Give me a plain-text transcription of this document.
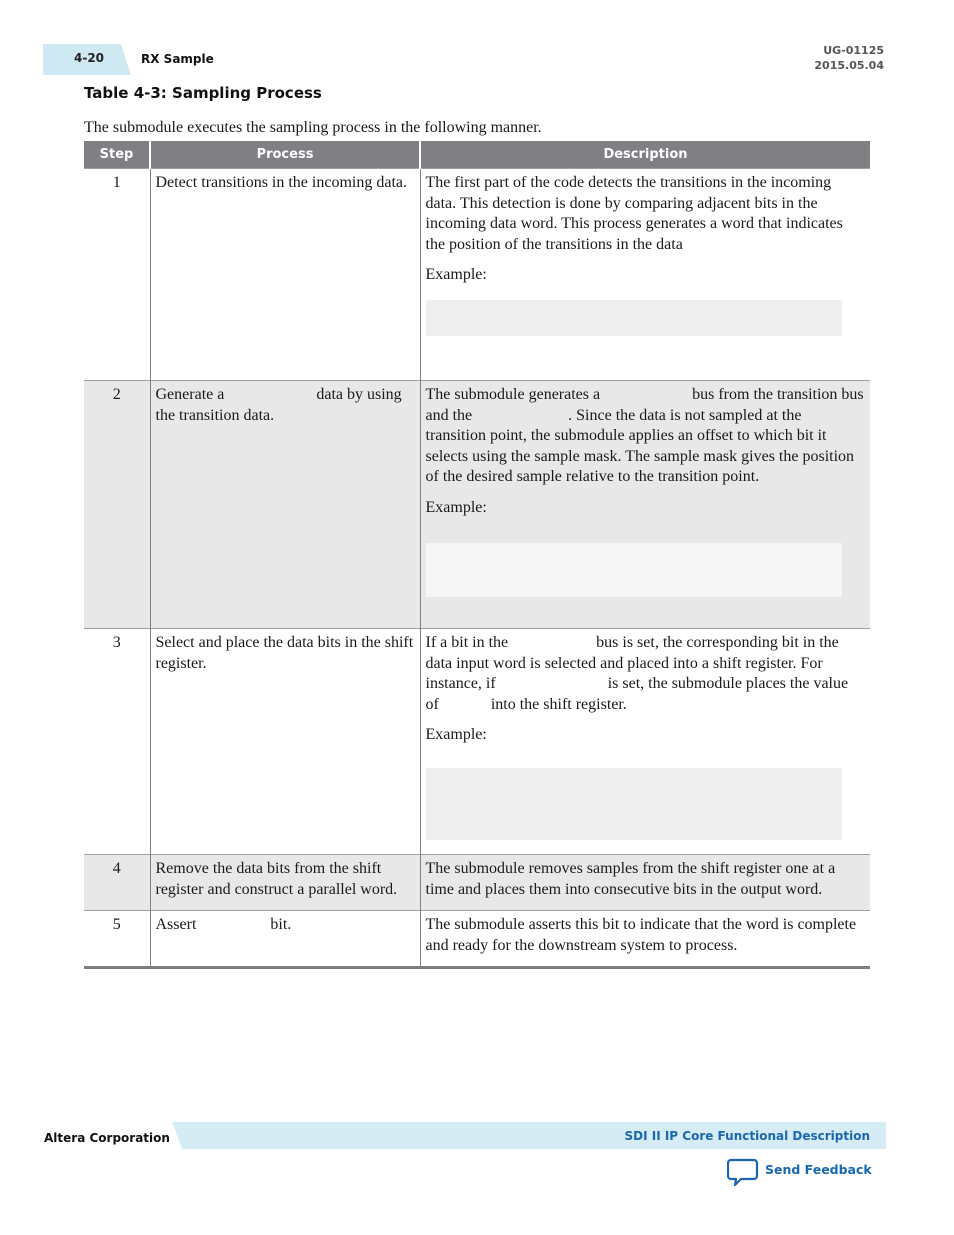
4-20	RX Sample
UG-01125
2015.05.04
Table 4-3: Sampling Process
The submodule executes the sampling process in the following manner.
Step	Process	Description
1	Detect transitions in the incoming data.	The first part of the code detects the transitions in the incoming data. This detection is done by comparing adjacent bits in the incoming data word. This process generates a word that indicates the position of the transitions in the data
Example:

2	Generate a data by using the transition data.	The submodule generates a bus from the transition bus and the . Since the data is not sampled at the transition point, the submodule applies an offset to which bit it selects using the sample mask. The sample mask gives the position of the desired sample relative to the transition point.
Example:

3	Select and place the data bits in the shift register.	If a bit in the bus is set, the corresponding bit in the data input word is selected and placed into a shift register. For instance, if is set, the submodule places the value of into the shift register.
Example:

4	Remove the data bits from the shift register and construct a parallel word.	The submodule removes samples from the shift register one at a time and places them into consecutive bits in the output word.
5	Assert bit.	The submodule asserts this bit to indicate that the word is complete and ready for the downstream system to process.
Altera Corporation	SDI II IP Core Functional Description
Send Feedback
